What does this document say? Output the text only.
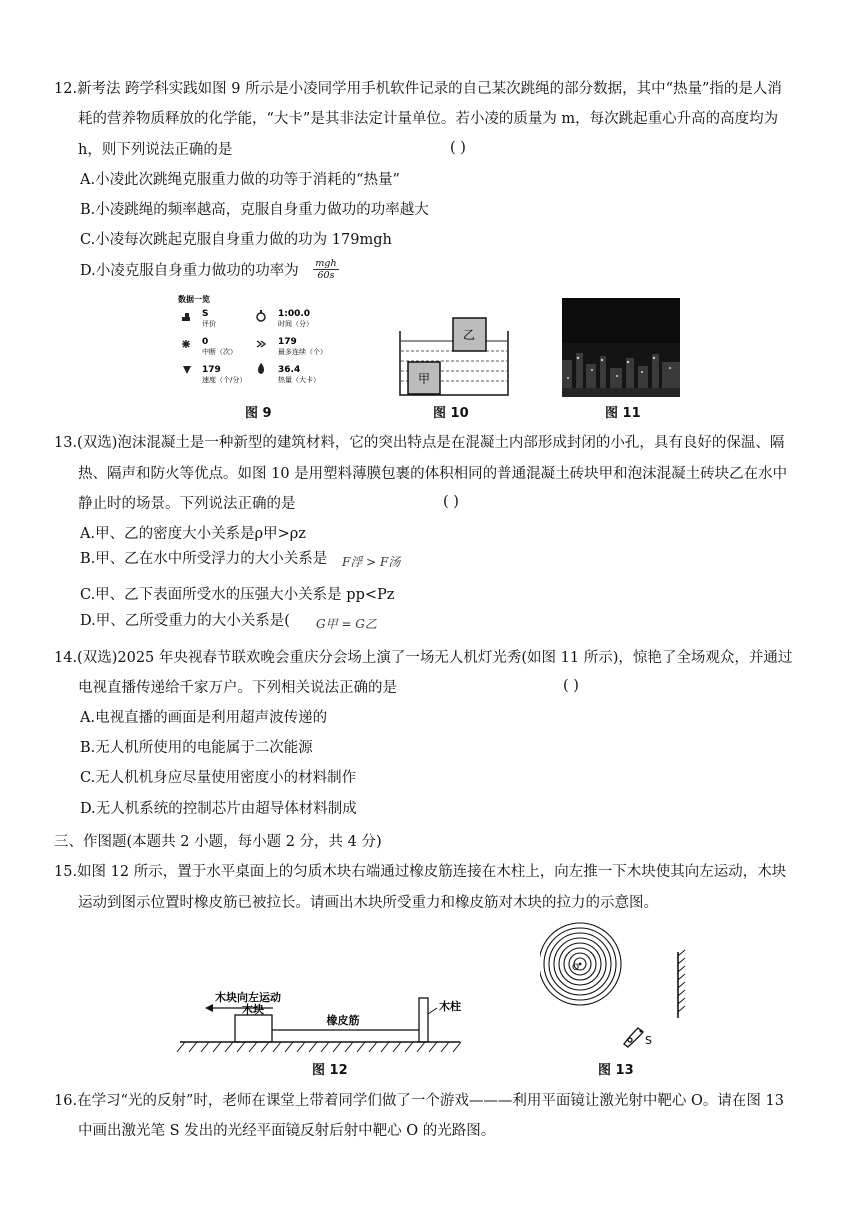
12.新考法 跨学科实践如图 9 所示是小凌同学用手机软件记录的自己某次跳绳的部分数据，其中“热量”指的是人消
耗的营养物质释放的化学能，“大卡”是其非法定计量单位。若小凌的质量为 m，每次跳起重心升高的高度均为
h，则下列说法正确的是	( )
A.小凌此次跳绳克服重力做的功等于消耗的“热量”
B.小凌跳绳的频率越高，克服自身重力做功的功率越大
C.小凌每次跳起克服自身重力做的功为 179mgh
D.小凌克服自身重力做功的功率为 mgh
60s
数据一览
S
评价
1:00.0
时间（分）
0
中断（次）
179
最多连续（个）
179
速度（个/分）
36.4
热量（大卡）
图 9
甲
乙
图 10	图 11
13.(双选)泡沫混凝土是一种新型的建筑材料，它的突出特点是在混凝土内部形成封闭的小孔，具有良好的保温、隔
热、隔声和防火等优点。如图 10 是用塑料薄膜包裹的体积相同的普通混凝土砖块甲和泡沫混凝土砖块乙在水中
静止时的场景。下列说法正确的是	( )
A.甲、乙的密度大小关系是ρ甲>ρz
B.甲、乙在水中所受浮力的大小关系是 F浮 > F汤
C.甲、乙下表面所受水的压强大小关系是 pp<Pz
D.甲、乙所受重力的大小关系是( G甲 = G乙
14.(双选)2025 年央视春节联欢晚会重庆分会场上演了一场无人机灯光秀(如图 11 所示)，惊艳了全场观众，并通过
电视直播传递给千家万户。下列相关说法正确的是	( )
A.电视直播的画面是利用超声波传递的
B.无人机所使用的电能属于二次能源
C.无人机机身应尽量使用密度小的材料制作
D.无人机系统的控制芯片由超导体材料制成
三、作图题(本题共 2 小题，每小题 2 分，共 4 分)
15.如图 12 所示，置于水平桌面上的匀质木块右端通过橡皮筋连接在木柱上，向左推一下木块使其向左运动，木块
运动到图示位置时橡皮筋已被拉长。请画出木块所受重力和橡皮筋对木块的拉力的示意图。
木块向左运动
木块
橡皮筋
木柱
图 12
O
S
图 13
16.在学习“光的反射”时，老师在课堂上带着同学们做了一个游戏———利用平面镜让激光射中靶心 O。请在图 13
中画出激光笔 S 发出的光经平面镜反射后射中靶心 O 的光路图。
